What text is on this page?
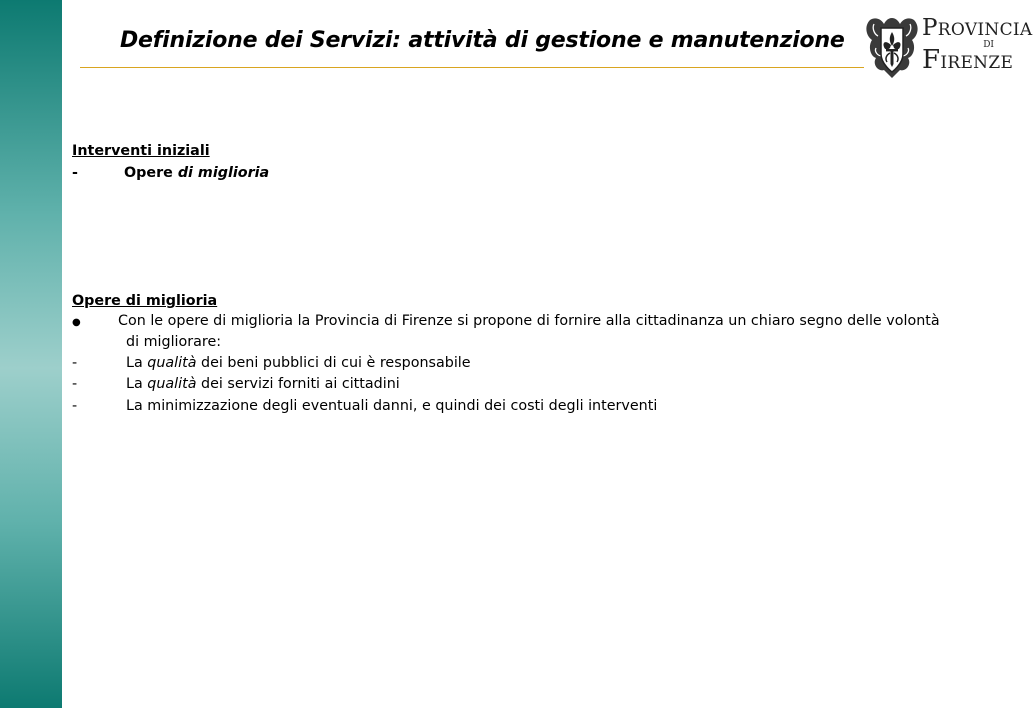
Definizione dei Servizi: attività di gestione e manutenzione	PROVINCIA
DI
FIRENZE
Interventi iniziali
-	Opere di miglioria
Opere di miglioria
●	Con le opere di miglioria la Provincia di Firenze si propone di fornire alla cittadinanza un chiaro segno delle volontà
di migliorare:
-	La qualità dei beni pubblici di cui è responsabile
-	La qualità dei servizi forniti ai cittadini
-	La minimizzazione degli eventuali danni, e quindi dei costi degli interventi
